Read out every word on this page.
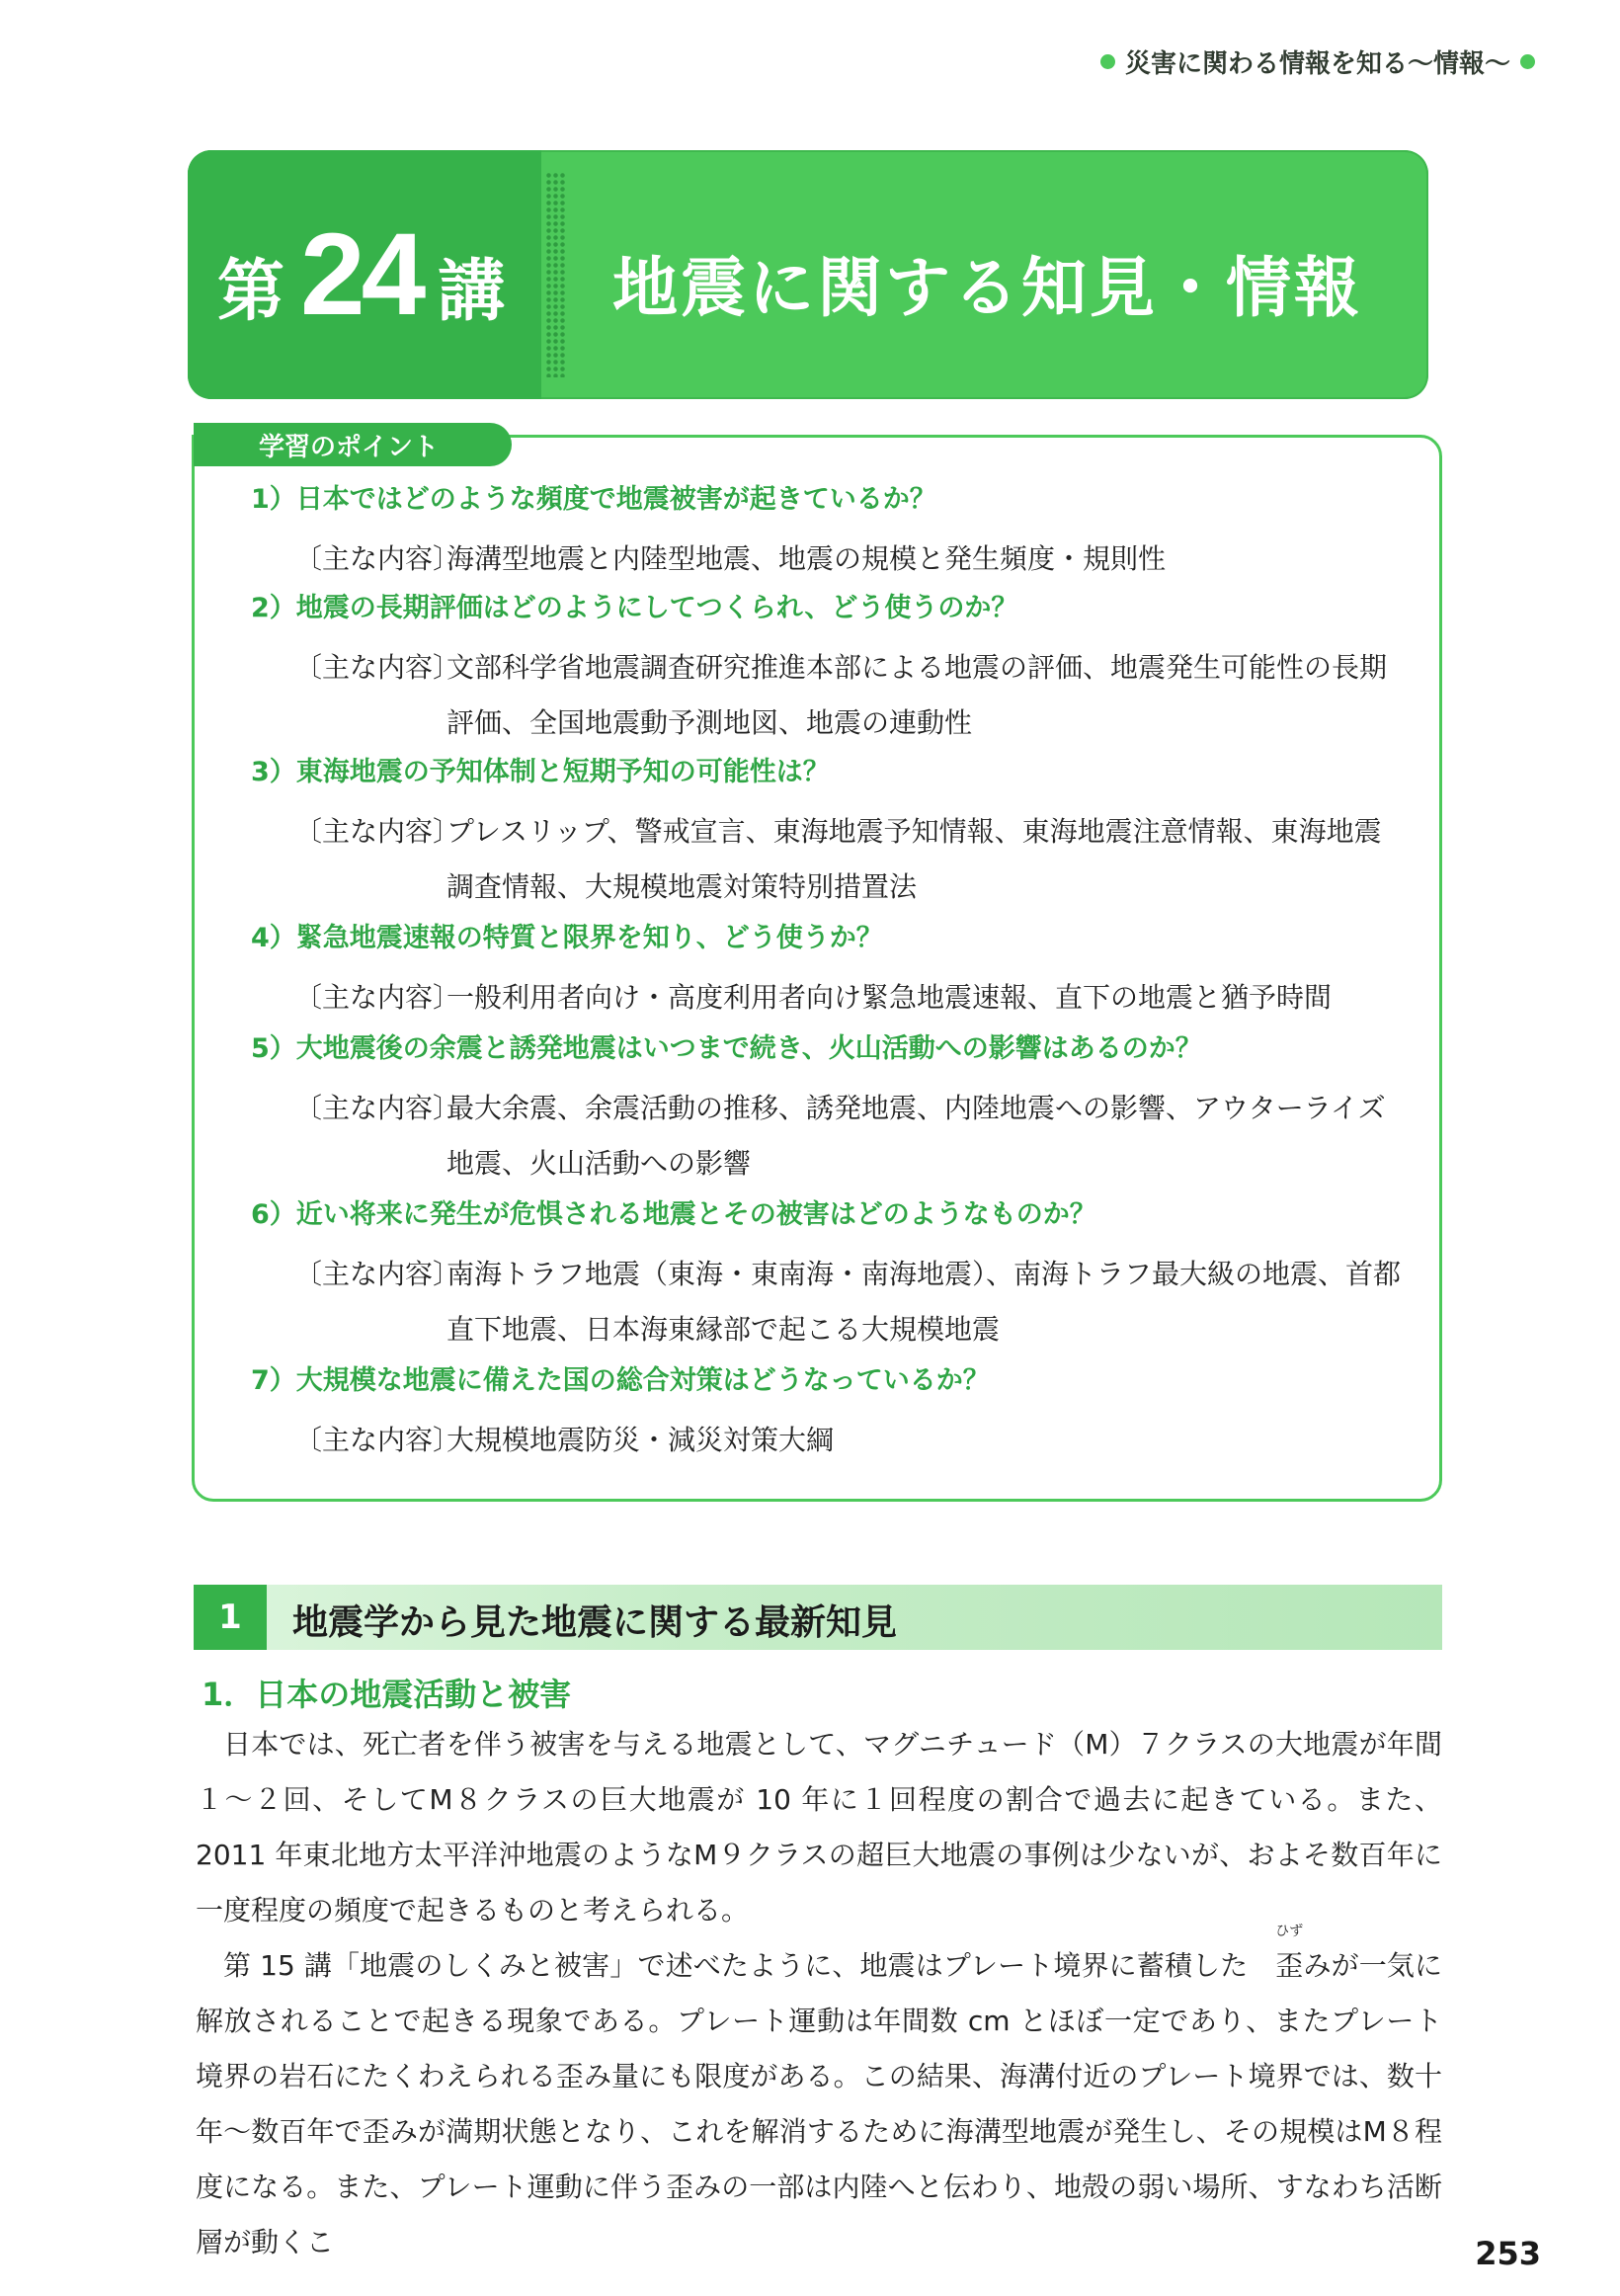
災害に関わる情報を知る〜情報〜
第 24 講 地震に関する知見・情報
学習のポイント
1）日本ではどのような頻度で地震被害が起きているか？
〔主な内容〕
海溝型地震と内陸型地震、地震の規模と発生頻度・規則性
2）地震の長期評価はどのようにしてつくられ、どう使うのか？
〔主な内容〕
文部科学省地震調査研究推進本部による地震の評価、地震発生可能性の長期評価、全国地震動予測地図、地震の連動性
3）東海地震の予知体制と短期予知の可能性は？
〔主な内容〕
プレスリップ、警戒宣言、東海地震予知情報、東海地震注意情報、東海地震調査情報、大規模地震対策特別措置法
4）緊急地震速報の特質と限界を知り、どう使うか？
〔主な内容〕
一般利用者向け・高度利用者向け緊急地震速報、直下の地震と猶予時間
5）大地震後の余震と誘発地震はいつまで続き、火山活動への影響はあるのか？
〔主な内容〕
最大余震、余震活動の推移、誘発地震、内陸地震への影響、アウターライズ地震、火山活動への影響
6）近い将来に発生が危惧される地震とその被害はどのようなものか？
〔主な内容〕
南海トラフ地震（東海・東南海・南海地震）、南海トラフ最大級の地震、首都直下地震、日本海東縁部で起こる大規模地震
7）大規模な地震に備えた国の総合対策はどうなっているか？
〔主な内容〕
大規模地震防災・減災対策大綱
1	地震学から見た地震に関する最新知見
1．日本の地震活動と被害

日本では、死亡者を伴う被害を与える地震として、マグニチュード（M）７クラスの大地震が年間１〜２回、そしてM８クラスの巨大地震が 10 年に１回程度の割合で過去に起きている。また、2011 年東北地方太平洋沖地震のようなM９クラスの超巨大地震の事例は少ないが、およそ数百年に一度程度の頻度で起きるものと考えられる。

第 15 講「地震のしくみと被害」で述べたように、地震はプレート境界に蓄積した
ひず
歪みが一気に解放されることで起きる現象である。プレート運動は年間数 cm とほぼ一定であり、またプレート境界の岩石にたくわえられる歪み量にも限度がある。この結果、海溝付近のプレート境界では、数十年〜数百年で歪みが満期状態となり、これを解消するために海溝型地震が発生し、その規模はM８程度になる。また、プレート運動に伴う歪みの一部は内陸へと伝わり、地殻の弱い場所、すなわち活断層が動くこ	253
